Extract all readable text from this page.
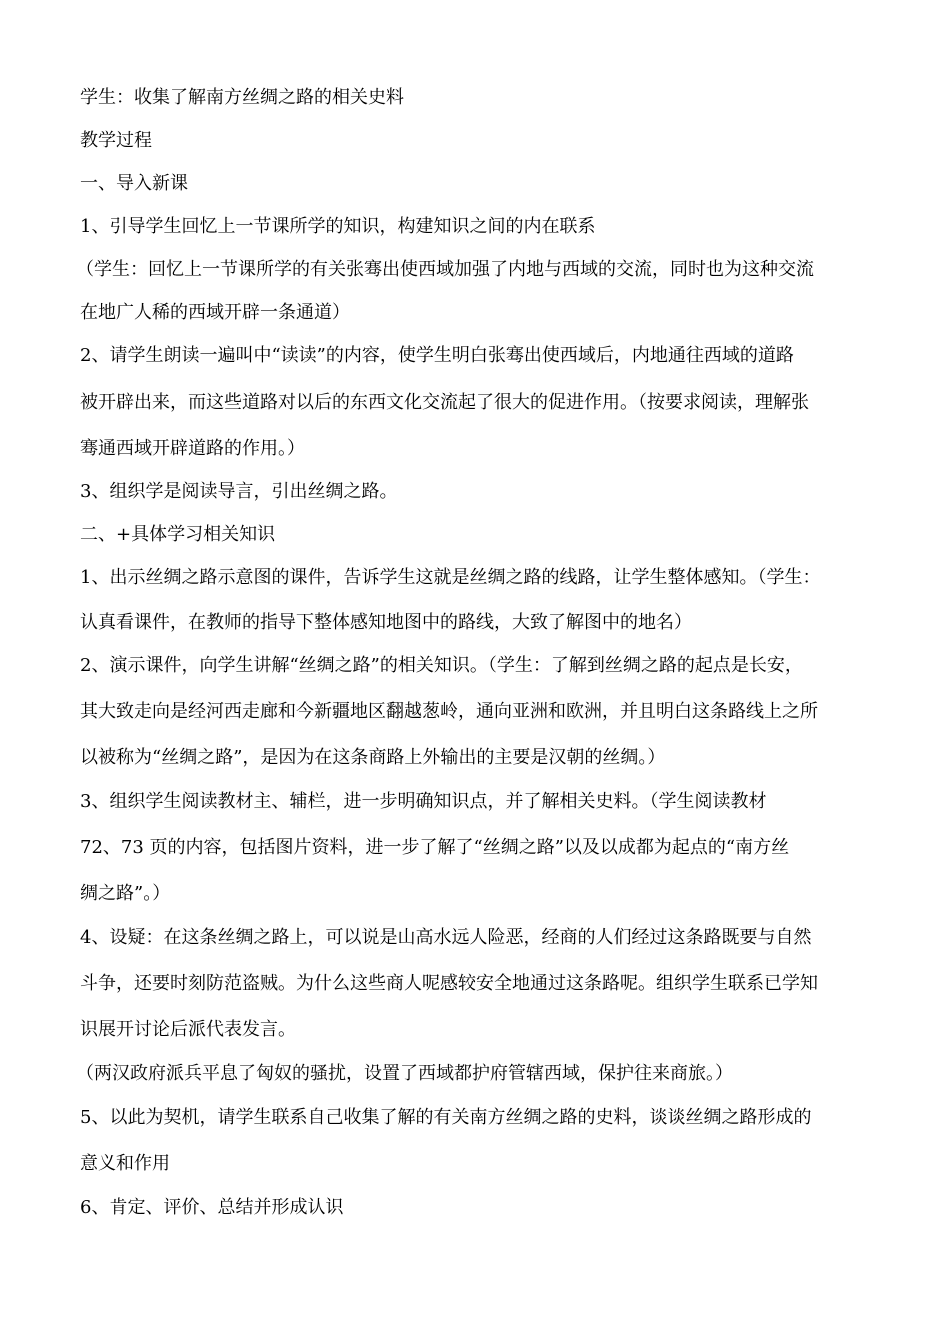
学生：收集了解南方丝绸之路的相关史料
教学过程
一、导入新课
1、引导学生回忆上一节课所学的知识，构建知识之间的内在联系
（学生：回忆上一节课所学的有关张骞出使西域加强了内地与西域的交流，同时也为这种交流
在地广人稀的西域开辟一条通道）
2、请学生朗读一遍叫中“读读”的内容，使学生明白张骞出使西域后，内地通往西域的道路
被开辟出来，而这些道路对以后的东西文化交流起了很大的促进作用。（按要求阅读，理解张
骞通西域开辟道路的作用。）
3、组织学是阅读导言，引出丝绸之路。
二、+具体学习相关知识
1、出示丝绸之路示意图的课件，告诉学生这就是丝绸之路的线路，让学生整体感知。（学生：
认真看课件，在教师的指导下整体感知地图中的路线，大致了解图中的地名）
2、演示课件，向学生讲解“丝绸之路”的相关知识。（学生：了解到丝绸之路的起点是长安，
其大致走向是经河西走廊和今新疆地区翻越葱岭，通向亚洲和欧洲，并且明白这条路线上之所
以被称为“丝绸之路”，是因为在这条商路上外输出的主要是汉朝的丝绸。）
3、组织学生阅读教材主、辅栏，进一步明确知识点，并了解相关史料。（学生阅读教材
72、73 页的内容，包括图片资料，进一步了解了“丝绸之路”以及以成都为起点的“南方丝
绸之路”。）
4、设疑：在这条丝绸之路上，可以说是山高水远人险恶，经商的人们经过这条路既要与自然
斗争，还要时刻防范盗贼。为什么这些商人呢感较安全地通过这条路呢。组织学生联系已学知
识展开讨论后派代表发言。
（两汉政府派兵平息了匈奴的骚扰，设置了西域都护府管辖西域，保护往来商旅。）
5、以此为契机，请学生联系自己收集了解的有关南方丝绸之路的史料，谈谈丝绸之路形成的
意义和作用
6、肯定、评价、总结并形成认识
